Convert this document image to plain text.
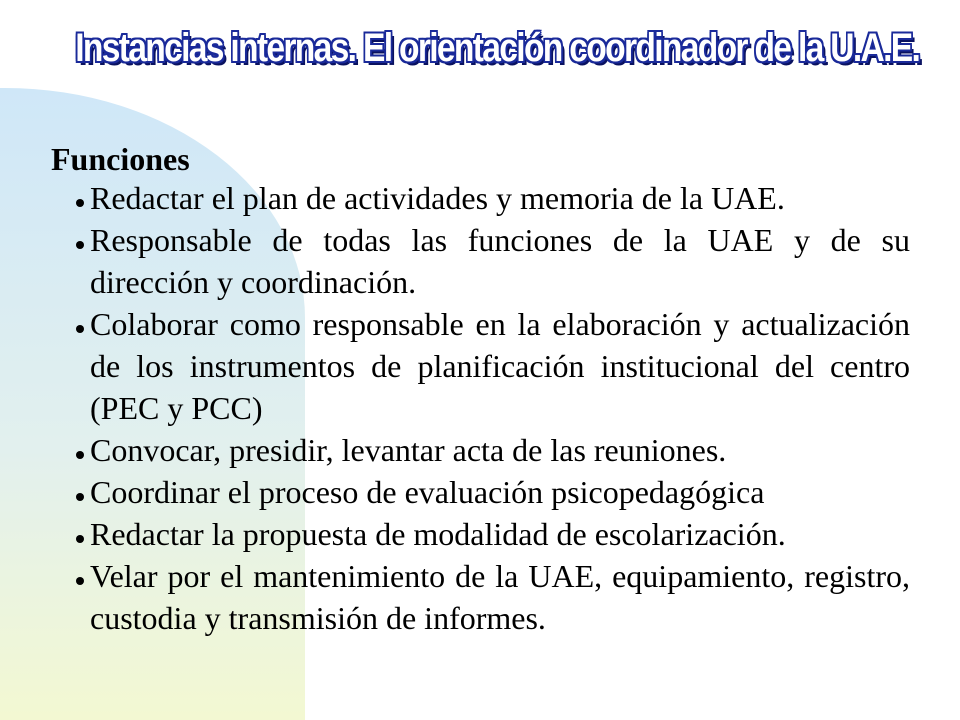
Instancias internas. El orientación coordinador de la U.A.E.
Funciones
Redactar el plan de actividades y memoria de la UAE.
Responsable de todas las funciones de la UAE y de su dirección y coordinación.
Colaborar como responsable en la elaboración y actualización de los instrumentos de planificación institucional del centro (PEC y PCC)
Convocar, presidir, levantar acta de las reuniones.
Coordinar el proceso de evaluación psicopedagógica
Redactar la propuesta de modalidad de escolarización.
Velar por el mantenimiento de la UAE, equipamiento, registro, custodia y transmisión de informes.
